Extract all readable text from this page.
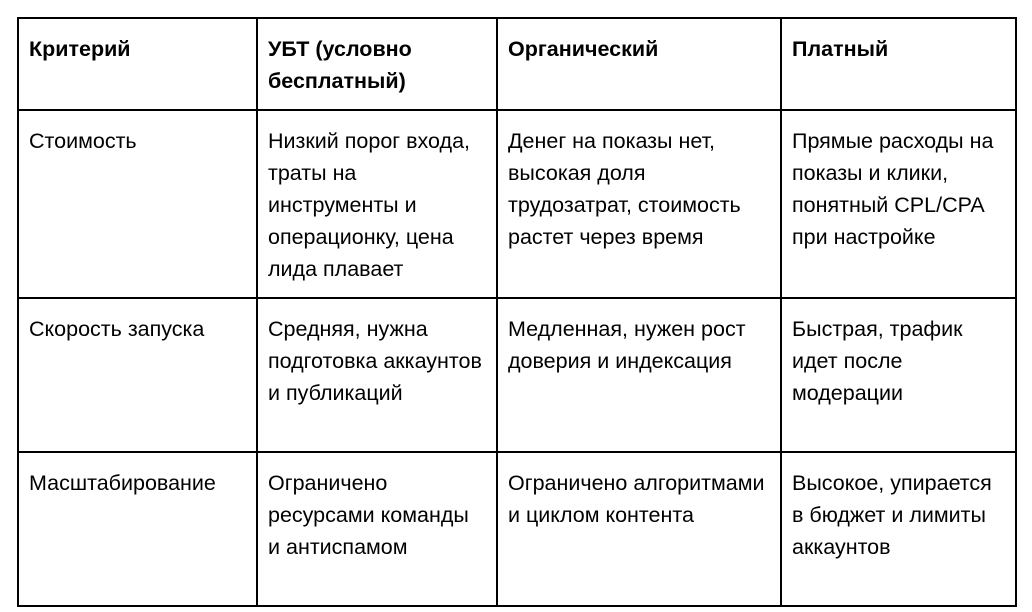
Критерий	УБТ (условно бесплатный)	Органический	Платный
Стоимость	Низкий порог входа, траты на инструменты и операционку, цена лида плавает	Денег на показы нет, высокая доля трудозатрат, стоимость растет через время	Прямые расходы на показы и клики, понятный CPL/CPA при настройке
Скорость запуска	Средняя, нужна подготовка аккаунтов и публикаций	Медленная, нужен рост доверия и индексация	Быстрая, трафик идет после модерации
Масштабирование	Ограничено ресурсами команды и антиспамом	Ограничено алгоритмами и циклом контента	Высокое, упирается в бюджет и лимиты аккаунтов
